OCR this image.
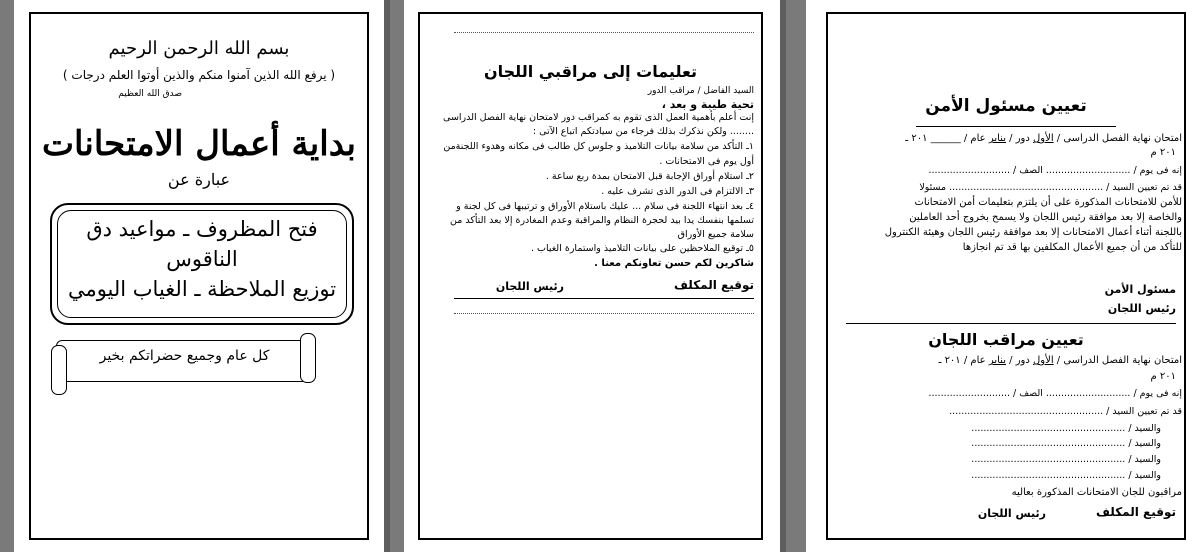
بسم الله الرحمن الرحيم
( يرفع الله الذين آمنوا منكم والذين أوتوا العلم درجات )
صدق الله العظيم
بداية أعمال الامتحانات
عبارة عن
فتح المظروف ـ مواعيد دق
الناقوس
توزيع الملاحظة ـ الغياب اليومي
كل عام وجميع حضراتكم بخير
تعليمات إلى مراقبي اللجان
السيد الفاضل / مراقب الدور
تحية طيبة و بعد ،
إنت أعلم بأهمية العمل الذى تقوم به كمراقب دور لامتحان نهاية الفصل الدراسى
........ ولكن نذكرك بذلك فرجاء من سيادتكم اتباع الآتى :
١ـ التأكد من سلامة بيانات التلاميذ و جلوس كل طالب فى مكانه وهدوء اللجنةمن
أول يوم فى الامتحانات .
٢ـ استلام أوراق الإجابة قبل الامتحان بمدة ربع ساعة .
٣ـ الالتزام فى الدور الذى تشرف عليه .
٤ـ بعد انتهاء اللجنة فى سلام ... عليك باستلام الأوراق و ترتيبها فى كل لجنة و
تسلمها بنفسك يدا بيد لحجرة النظام والمراقبة وعدم المغادرة إلا بعد التأكد من
سلامة جميع الأوراق
٥ـ توقيع الملاحظين على بيانات التلاميذ واستمارة الغياب .
شاكرين لكم حسن تعاونكم معنا .
توقيع المكلف
رئيس اللجان
تعيين مسئول الأمن
امتحان نهاية الفصل الدراسى / الأول دور / يناير عام / ______ ٢٠١ ـ
٢٠١ م
إنه فى يوم / ............................ الصف / ...........................
قد تم تعيين السيد / ................................................... مسئولا
للأمن للامتحانات المذكورة على أن يلتزم بتعليمات أمن الامتحانات
والخاصة إلا بعد موافقة رئيس اللجان ولا يسمح بخروج أحد العاملين
باللجنة أثناء أعمال الامتحانات إلا بعد موافقة رئيس اللجان وهيئة الكنترول
للتأكد من أن جميع الأعمال المكلفين بها قد تم انجازها
مسئول الأمن
رئيس اللجان
تعيين مراقب اللجان
امتحان نهاية الفصل الدراسى / الأول دور / يناير عام / ٢٠١ ـ
٢٠١ م
إنه فى يوم / ............................ الصف / ...........................
قد تم تعيين السيد / ...................................................
والسيد / ...................................................
والسيد / ...................................................
والسيد / ...................................................
والسيد / ...................................................
مراقبون للجان الامتحانات المذكورة بعاليه
توقيع المكلف
رئيس اللجان
